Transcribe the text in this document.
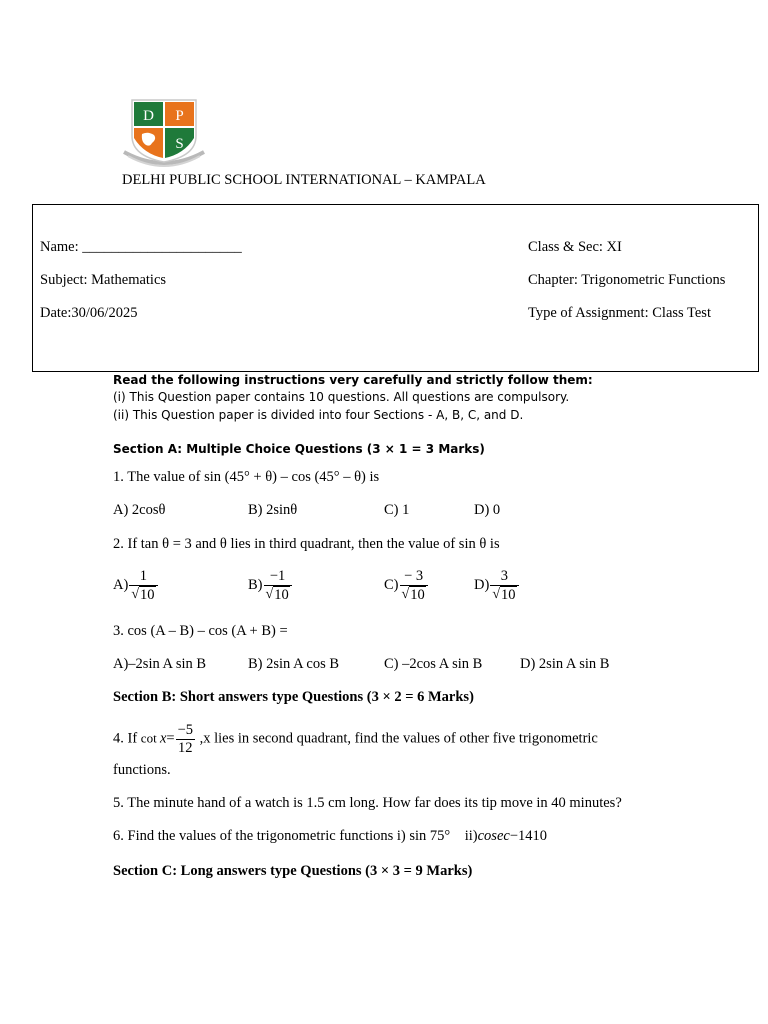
D P
S
DELHI PUBLIC SCHOOL INTERNATIONAL – KAMPALA
Name: ______________________	Class & Sec: XI
Subject: Mathematics	Chapter: Trigonometric Functions
Date:30/06/2025	Type of Assignment: Class Test
Read the following instructions very carefully and strictly follow them:
(i) This Question paper contains 10 questions. All questions are compulsory.
(ii) This Question paper is divided into four Sections - A, B, C, and D.
Section A: Multiple Choice Questions (3 × 1 = 3 Marks)
1. The value of sin (45° + θ) – cos (45° – θ) is
A) 2cosθ	B) 2sinθ	C) 1	D) 0
2. If tan θ = 3 and θ lies in third quadrant, then the value of sin θ is
$A) \frac{1}{√ 10}$	$B) \frac{-1}{√ 10}$	$C) \frac{- 3}{√ 10}$	$D) \frac{3}{√ 10}$
3. cos (A – B) – cos (A + B) =
A)–2sin A sin B	B) 2sin A cos B	C) –2cos A sin B	D) 2sin A sin B
Section B: Short answers type Questions (3 × 2 = 6 Marks)
4. If $\cot x= \frac{-5}{12} ,x$ lies in second quadrant, find the values of other five trigonometric
functions.
5. The minute hand of a watch is 1.5 cm long. How far does its tip move in 40 minutes?
6. Find the values of the trigonometric functions i) sin 75°    ii)cosec−1410
Section C: Long answers type Questions (3 × 3 = 9 Marks)
